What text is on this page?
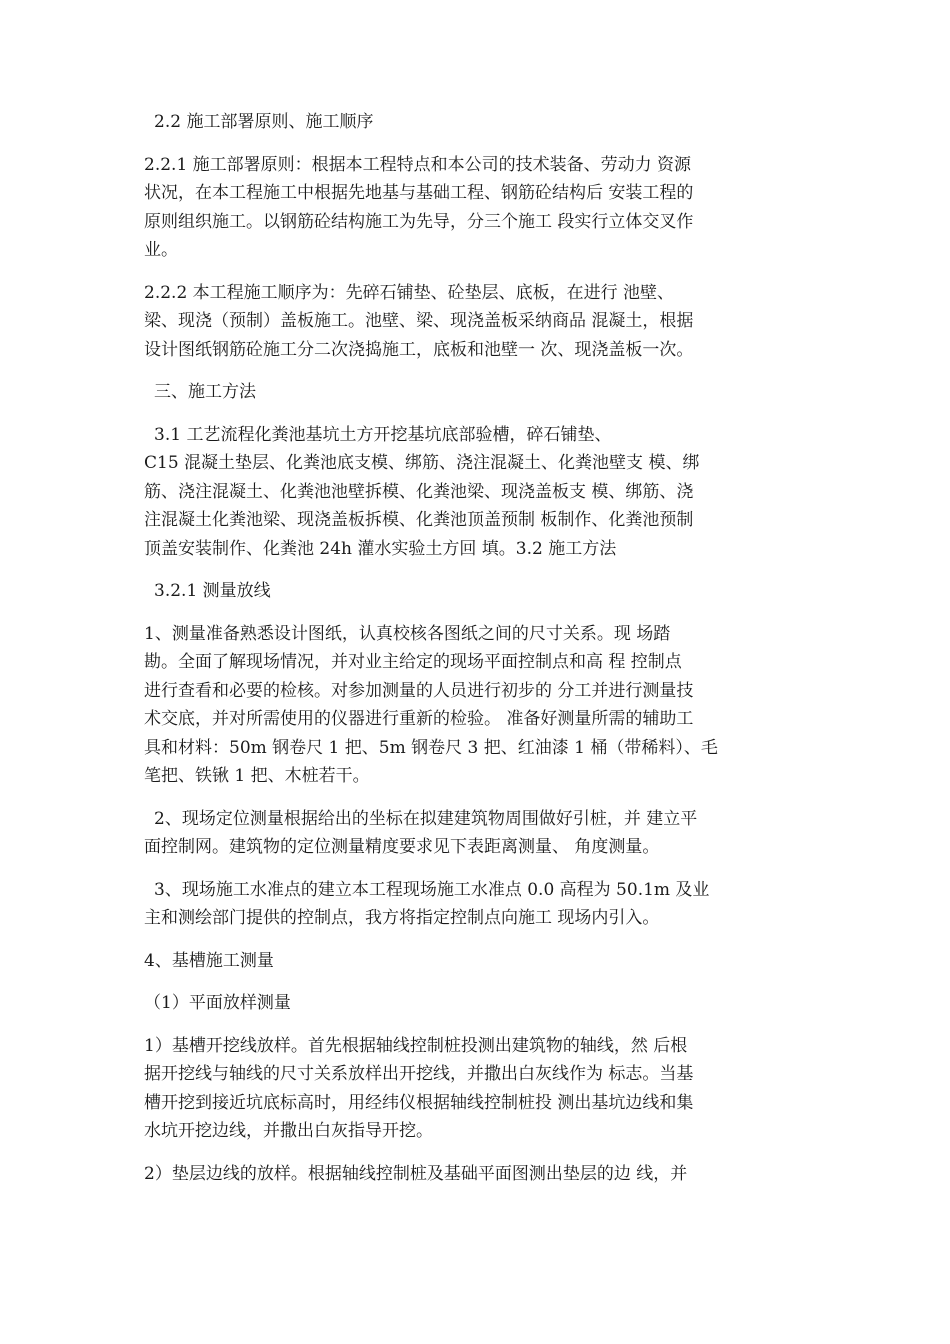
2.2 施工部署原则、施工顺序

2.2.1 施工部署原则：根据本工程特点和本公司的技术装备、劳动力 资源
状况，在本工程施工中根据先地基与基础工程、钢筋砼结构后 安装工程的
原则组织施工。以钢筋砼结构施工为先导，分三个施工 段实行立体交叉作
业。

2.2.2 本工程施工顺序为：先碎石铺垫、砼垫层、底板，在进行 池壁、
梁、现浇（预制）盖板施工。池壁、梁、现浇盖板采纳商品 混凝土，根据
设计图纸钢筋砼施工分二次浇捣施工，底板和池壁一 次、现浇盖板一次。

三、施工方法

3.1 工艺流程化粪池基坑土方开挖基坑底部验槽，碎石铺垫、
C15 混凝土垫层、化粪池底支模、绑筋、浇注混凝土、化粪池壁支 模、绑
筋、浇注混凝土、化粪池池壁拆模、化粪池梁、现浇盖板支 模、绑筋、浇
注混凝土化粪池梁、现浇盖板拆模、化粪池顶盖预制 板制作、化粪池预制
顶盖安装制作、化粪池 24h 灌水实验土方回 填。3.2 施工方法

3.2.1 测量放线

1、测量准备熟悉设计图纸，认真校核各图纸之间的尺寸关系。现 场踏
勘。全面了解现场情况，并对业主给定的现场平面控制点和高 程 控制点
进行查看和必要的检核。对参加测量的人员进行初步的 分工并进行测量技
术交底，并对所需使用的仪器进行重新的检验。 准备好测量所需的辅助工
具和材料：50m 钢卷尺 1 把、5m 钢卷尺 3 把、红油漆 1 桶（带稀料）、毛
笔把、铁锹 1 把、木桩若干。

2、现场定位测量根据给出的坐标在拟建建筑物周围做好引桩，并 建立平
面控制网。建筑物的定位测量精度要求见下表距离测量、 角度测量。

3、现场施工水准点的建立本工程现场施工水准点 0.0 高程为 50.1m 及业
主和测绘部门提供的控制点，我方将指定控制点向施工 现场内引入。

4、基槽施工测量

（1）平面放样测量

1）基槽开挖线放样。首先根据轴线控制桩投测出建筑物的轴线，然 后根
据开挖线与轴线的尺寸关系放样出开挖线，并撒出白灰线作为 标志。当基
槽开挖到接近坑底标高时，用经纬仪根据轴线控制桩投 测出基坑边线和集
水坑开挖边线，并撒出白灰指导开挖。

2）垫层边线的放样。根据轴线控制桩及基础平面图测出垫层的边 线，并
